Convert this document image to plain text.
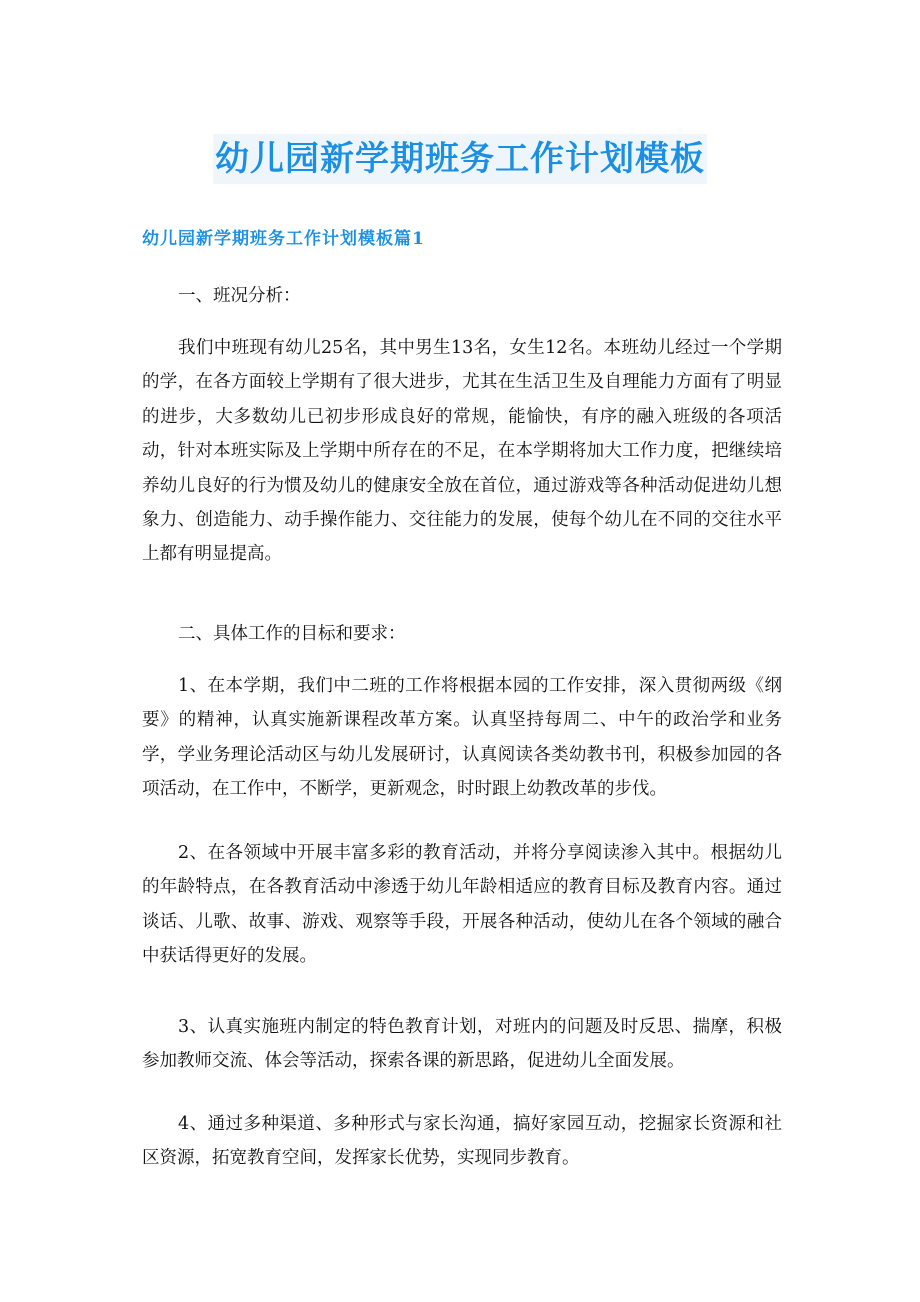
幼儿园新学期班务工作计划模板
幼儿园新学期班务工作计划模板篇1

一、班况分析：

我们中班现有幼儿25名，其中男生13名，女生12名。本班幼儿经过一个学期的学，在各方面较上学期有了很大进步，尤其在生活卫生及自理能力方面有了明显的进步，大多数幼儿已初步形成良好的常规，能愉快，有序的融入班级的各项活动，针对本班实际及上学期中所存在的不足，在本学期将加大工作力度，把继续培养幼儿良好的行为惯及幼儿的健康安全放在首位，通过游戏等各种活动促进幼儿想象力、创造能力、动手操作能力、交往能力的发展，使每个幼儿在不同的交往水平上都有明显提高。

二、具体工作的目标和要求：

1、在本学期，我们中二班的工作将根据本园的工作安排，深入贯彻两级《纲要》的精神，认真实施新课程改革方案。认真坚持每周二、中午的政治学和业务学，学业务理论活动区与幼儿发展研讨，认真阅读各类幼教书刊，积极参加园的各项活动，在工作中，不断学，更新观念，时时跟上幼教改革的步伐。

2、在各领域中开展丰富多彩的教育活动，并将分享阅读渗入其中。根据幼儿的年龄特点，在各教育活动中渗透于幼儿年龄相适应的教育目标及教育内容。通过谈话、儿歌、故事、游戏、观察等手段，开展各种活动，使幼儿在各个领域的融合中获话得更好的发展。

3、认真实施班内制定的特色教育计划，对班内的问题及时反思、揣摩，积极参加教师交流、体会等活动，探索各课的新思路，促进幼儿全面发展。

4、通过多种渠道、多种形式与家长沟通，搞好家园互动，挖掘家长资源和社区资源，拓宽教育空间，发挥家长优势，实现同步教育。
